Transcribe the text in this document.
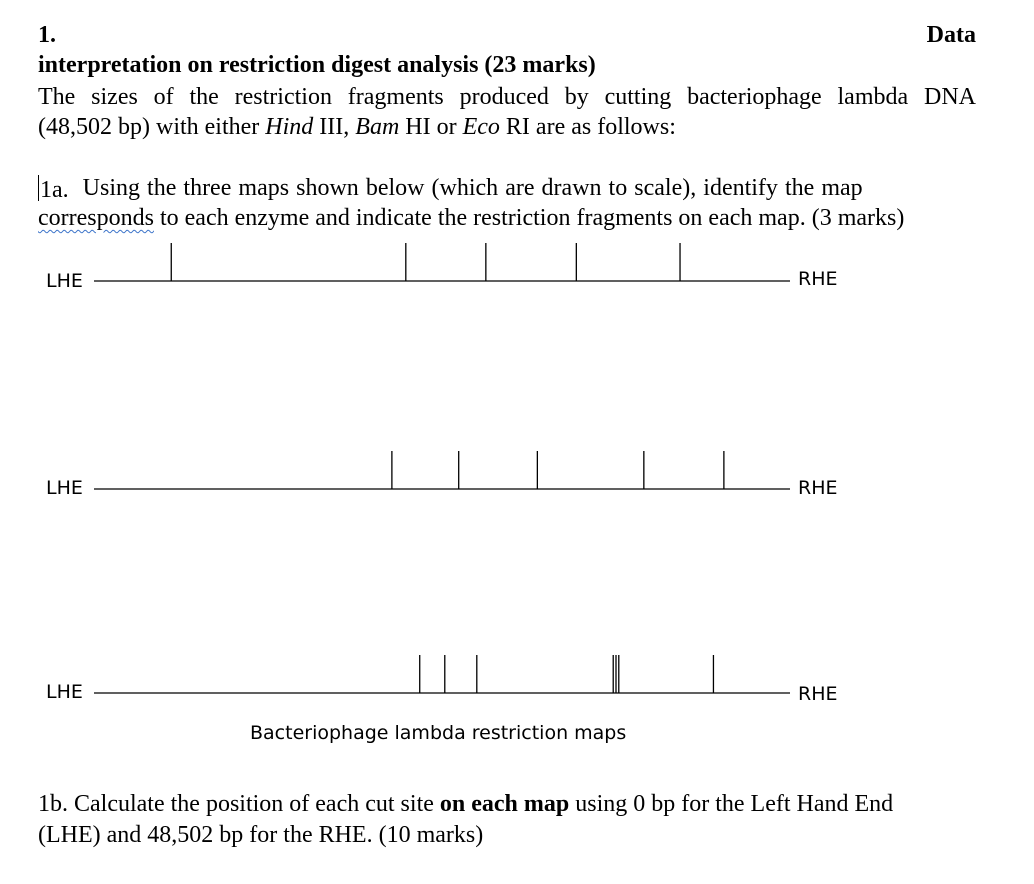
1.	Data
interpretation on restriction digest analysis (23 marks)
The sizes of the restriction fragments produced by cutting bacteriophage lambda DNA
(48,502 bp) with either Hind III, Bam HI or Eco RI are as follows:
1a. Using the three maps shown below (which are drawn to scale), identify the map
corresponds to each enzyme and indicate the restriction fragments on each map. (3 marks)
LHE	RHE
LHE	RHE
LHE	RHE
Bacteriophage lambda restriction maps
1b. Calculate the position of each cut site on each map using 0 bp for the Left Hand End
(LHE) and 48,502 bp for the RHE. (10 marks)
